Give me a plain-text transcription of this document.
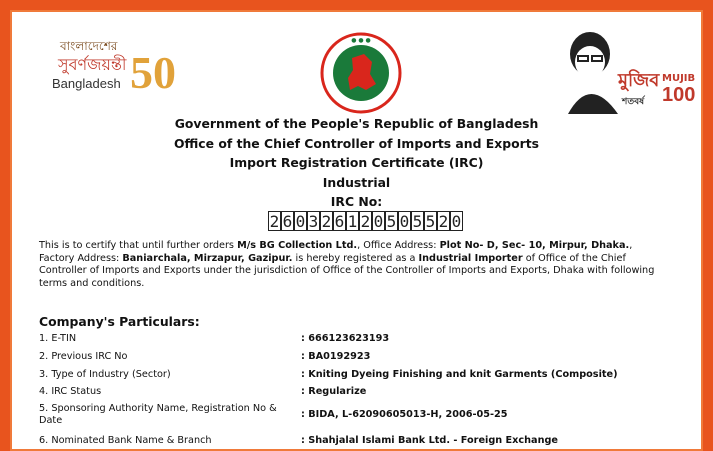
বাংলাদেশের
সুবর্ণজয়ন্তী
Bangladesh 50
● ● ●
মুজিব
শতবর্ষ
MUJIB
100
Government of the People's Republic of Bangladesh
Office of the Chief Controller of Imports and Exports
Import Registration Certificate (IRC)
Industrial
IRC No:
2 6 0 3 2 6 1 2 0 5 0 5 5 2 0
This is to certify that until further orders M/s BG Collection Ltd., Office Address: Plot No- D, Sec- 10, Mirpur, Dhaka., Factory Address: Baniarchala, Mirzapur, Gazipur. is hereby registered as a Industrial Importer of Office of the Chief Controller of Imports and Exports under the jurisdiction of Office of the Controller of Imports and Exports, Dhaka with following terms and conditions.
Company's Particulars:
1. E-TIN	: 666123623193
2. Previous IRC No	: BA0192923
3. Type of Industry (Sector)	: Kniting Dyeing Finishing and knit Garments (Composite)
4. IRC Status	: Regularize
5. Sponsoring Authority Name, Registration No & Date
: BIDA, L-62090605013-H, 2006-05-25
6. Nominated Bank Name & Branch	: Shahjalal Islami Bank Ltd. - Foreign Exchange
